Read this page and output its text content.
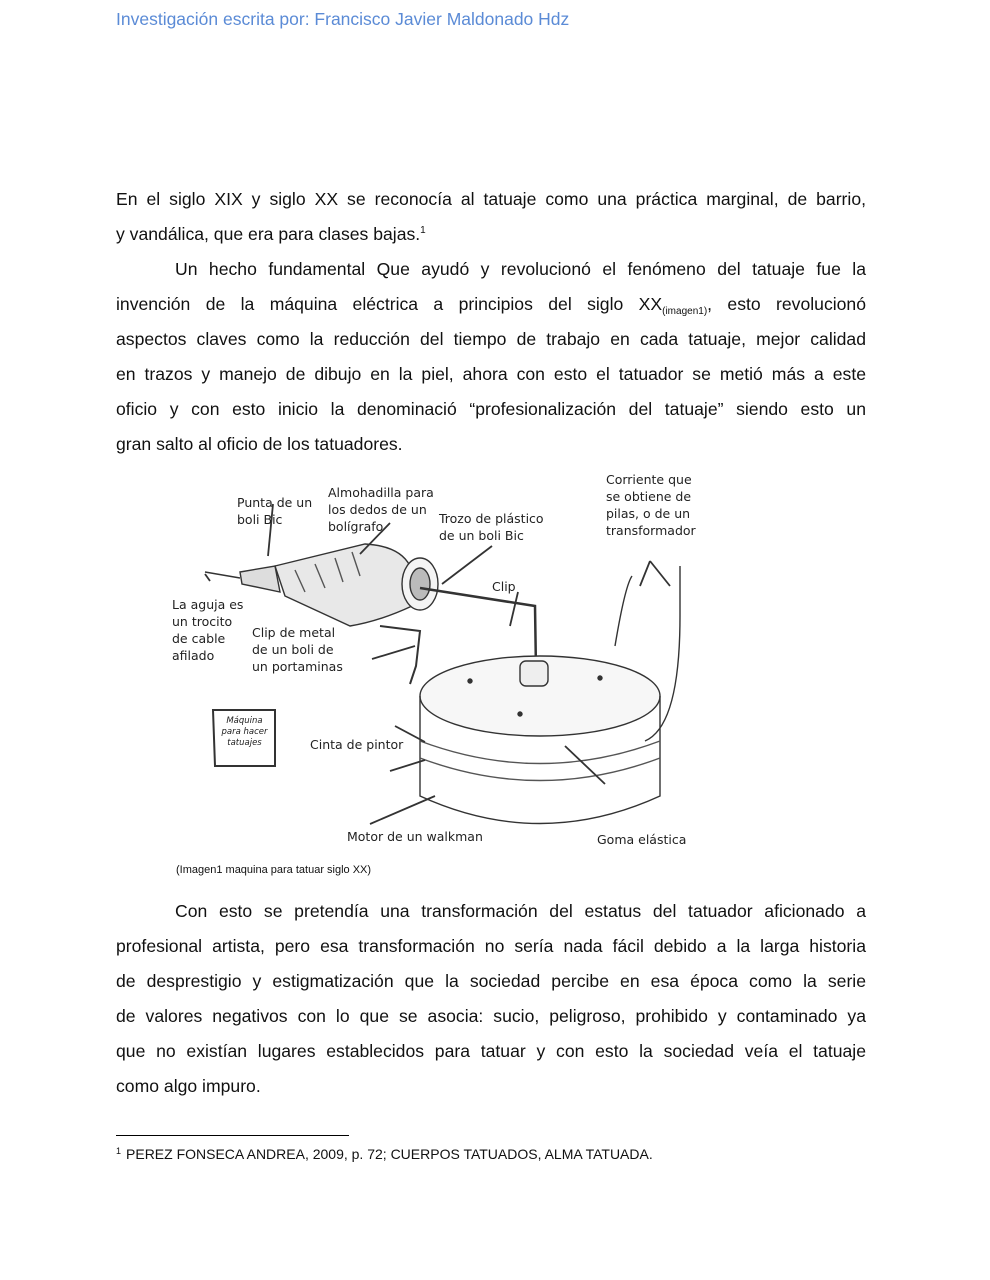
Investigación escrita por: Francisco Javier Maldonado Hdz
En el siglo XIX y siglo XX se reconocía al tatuaje como una práctica marginal, de barrio,
y vandálica, que era para clases bajas.$^1$
Un hecho fundamental Que ayudó y revolucionó el fenómeno del tatuaje fue la
invención de la máquina eléctrica a principios del siglo $XX_{(imagen1)}$, esto revolucionó
aspectos claves como la reducción del tiempo de trabajo en cada tatuaje, mejor calidad
en trazos y manejo de dibujo en la piel, ahora con esto el tatuador se metió más a este
oficio y con esto inicio la denominació “profesionalización del tatuaje” siendo esto un
gran salto al oficio de los tatuadores.
Punta de un
boli Bic
Almohadilla para
los dedos de un
bolígrafo
Trozo de plástico
de un boli Bic
Corriente que
se obtiene de
pilas, o de un
transformador
Clip
La aguja es
un trocito
de cable
afilado
Clip de metal
de un boli de
un portaminas
Máquina
para hacer
tatuajes	Cinta de pintor
Motor de un walkman	Goma elástica
(Imagen1 maquina para tatuar siglo XX)
Con esto se pretendía una transformación del estatus del tatuador aficionado a
profesional artista, pero esa transformación no sería nada fácil debido a la larga historia
de desprestigio y estigmatización que la sociedad percibe en esa época como la serie
de valores negativos con lo que se asocia: sucio, peligroso, prohibido y contaminado ya
que no existían lugares establecidos para tatuar y con esto la sociedad veía el tatuaje
como algo impuro.
$^1$ PEREZ FONSECA ANDREA, 2009, p. 72; CUERPOS TATUADOS, ALMA TATUADA.
